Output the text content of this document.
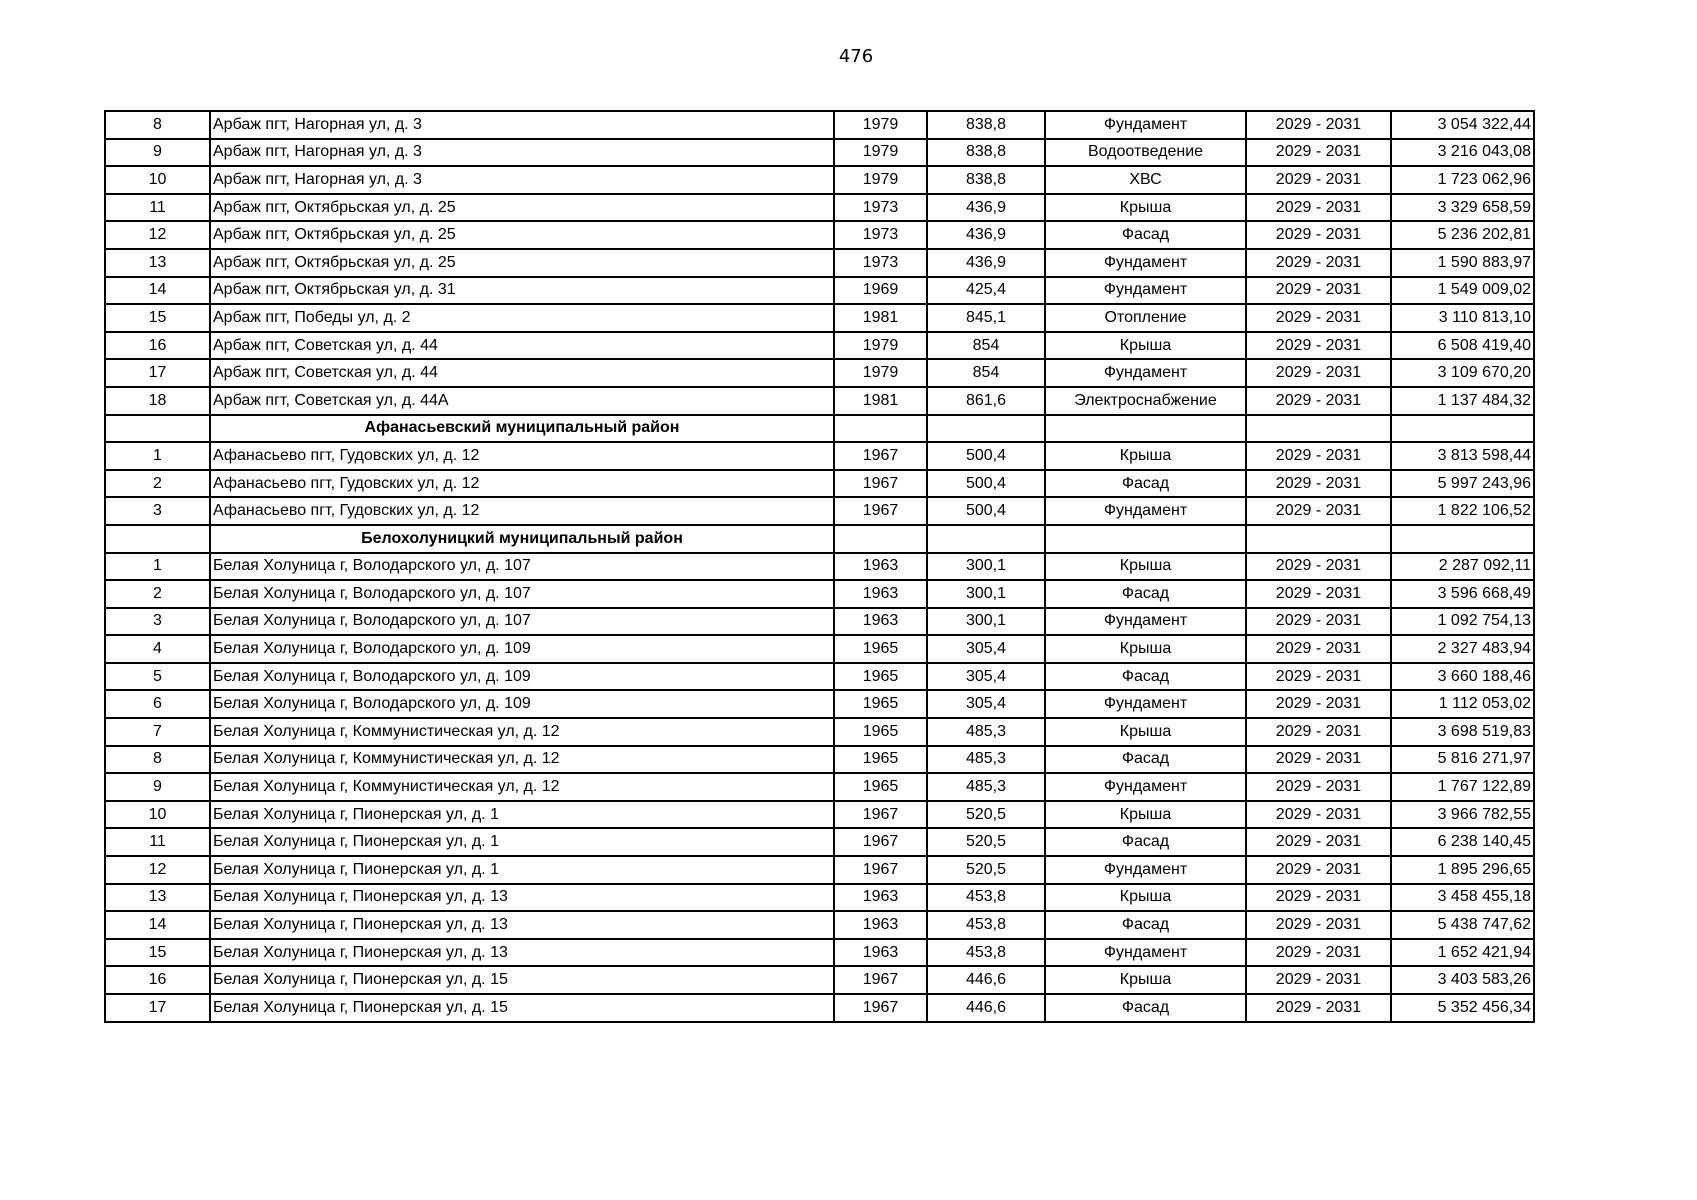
476
8	Арбаж пгт, Нагорная ул, д. 3	1979	838,8	Фундамент	2029 - 2031	3 054 322,44
9	Арбаж пгт, Нагорная ул, д. 3	1979	838,8	Водоотведение	2029 - 2031	3 216 043,08
10	Арбаж пгт, Нагорная ул, д. 3	1979	838,8	ХВС	2029 - 2031	1 723 062,96
11	Арбаж пгт, Октябрьская ул, д. 25	1973	436,9	Крыша	2029 - 2031	3 329 658,59
12	Арбаж пгт, Октябрьская ул, д. 25	1973	436,9	Фасад	2029 - 2031	5 236 202,81
13	Арбаж пгт, Октябрьская ул, д. 25	1973	436,9	Фундамент	2029 - 2031	1 590 883,97
14	Арбаж пгт, Октябрьская ул, д. 31	1969	425,4	Фундамент	2029 - 2031	1 549 009,02
15	Арбаж пгт, Победы ул, д. 2	1981	845,1	Отопление	2029 - 2031	3 110 813,10
16	Арбаж пгт, Советская ул, д. 44	1979	854	Крыша	2029 - 2031	6 508 419,40
17	Арбаж пгт, Советская ул, д. 44	1979	854	Фундамент	2029 - 2031	3 109 670,20
18	Арбаж пгт, Советская ул, д. 44А	1981	861,6	Электроснабжение	2029 - 2031	1 137 484,32
	Афанасьевский муниципальный район					
1	Афанасьево пгт, Гудовских ул, д. 12	1967	500,4	Крыша	2029 - 2031	3 813 598,44
2	Афанасьево пгт, Гудовских ул, д. 12	1967	500,4	Фасад	2029 - 2031	5 997 243,96
3	Афанасьево пгт, Гудовских ул, д. 12	1967	500,4	Фундамент	2029 - 2031	1 822 106,52
	Белохолуницкий муниципальный район					
1	Белая Холуница г, Володарского ул, д. 107	1963	300,1	Крыша	2029 - 2031	2 287 092,11
2	Белая Холуница г, Володарского ул, д. 107	1963	300,1	Фасад	2029 - 2031	3 596 668,49
3	Белая Холуница г, Володарского ул, д. 107	1963	300,1	Фундамент	2029 - 2031	1 092 754,13
4	Белая Холуница г, Володарского ул, д. 109	1965	305,4	Крыша	2029 - 2031	2 327 483,94
5	Белая Холуница г, Володарского ул, д. 109	1965	305,4	Фасад	2029 - 2031	3 660 188,46
6	Белая Холуница г, Володарского ул, д. 109	1965	305,4	Фундамент	2029 - 2031	1 112 053,02
7	Белая Холуница г, Коммунистическая ул, д. 12	1965	485,3	Крыша	2029 - 2031	3 698 519,83
8	Белая Холуница г, Коммунистическая ул, д. 12	1965	485,3	Фасад	2029 - 2031	5 816 271,97
9	Белая Холуница г, Коммунистическая ул, д. 12	1965	485,3	Фундамент	2029 - 2031	1 767 122,89
10	Белая Холуница г, Пионерская ул, д. 1	1967	520,5	Крыша	2029 - 2031	3 966 782,55
11	Белая Холуница г, Пионерская ул, д. 1	1967	520,5	Фасад	2029 - 2031	6 238 140,45
12	Белая Холуница г, Пионерская ул, д. 1	1967	520,5	Фундамент	2029 - 2031	1 895 296,65
13	Белая Холуница г, Пионерская ул, д. 13	1963	453,8	Крыша	2029 - 2031	3 458 455,18
14	Белая Холуница г, Пионерская ул, д. 13	1963	453,8	Фасад	2029 - 2031	5 438 747,62
15	Белая Холуница г, Пионерская ул, д. 13	1963	453,8	Фундамент	2029 - 2031	1 652 421,94
16	Белая Холуница г, Пионерская ул, д. 15	1967	446,6	Крыша	2029 - 2031	3 403 583,26
17	Белая Холуница г, Пионерская ул, д. 15	1967	446,6	Фасад	2029 - 2031	5 352 456,34
